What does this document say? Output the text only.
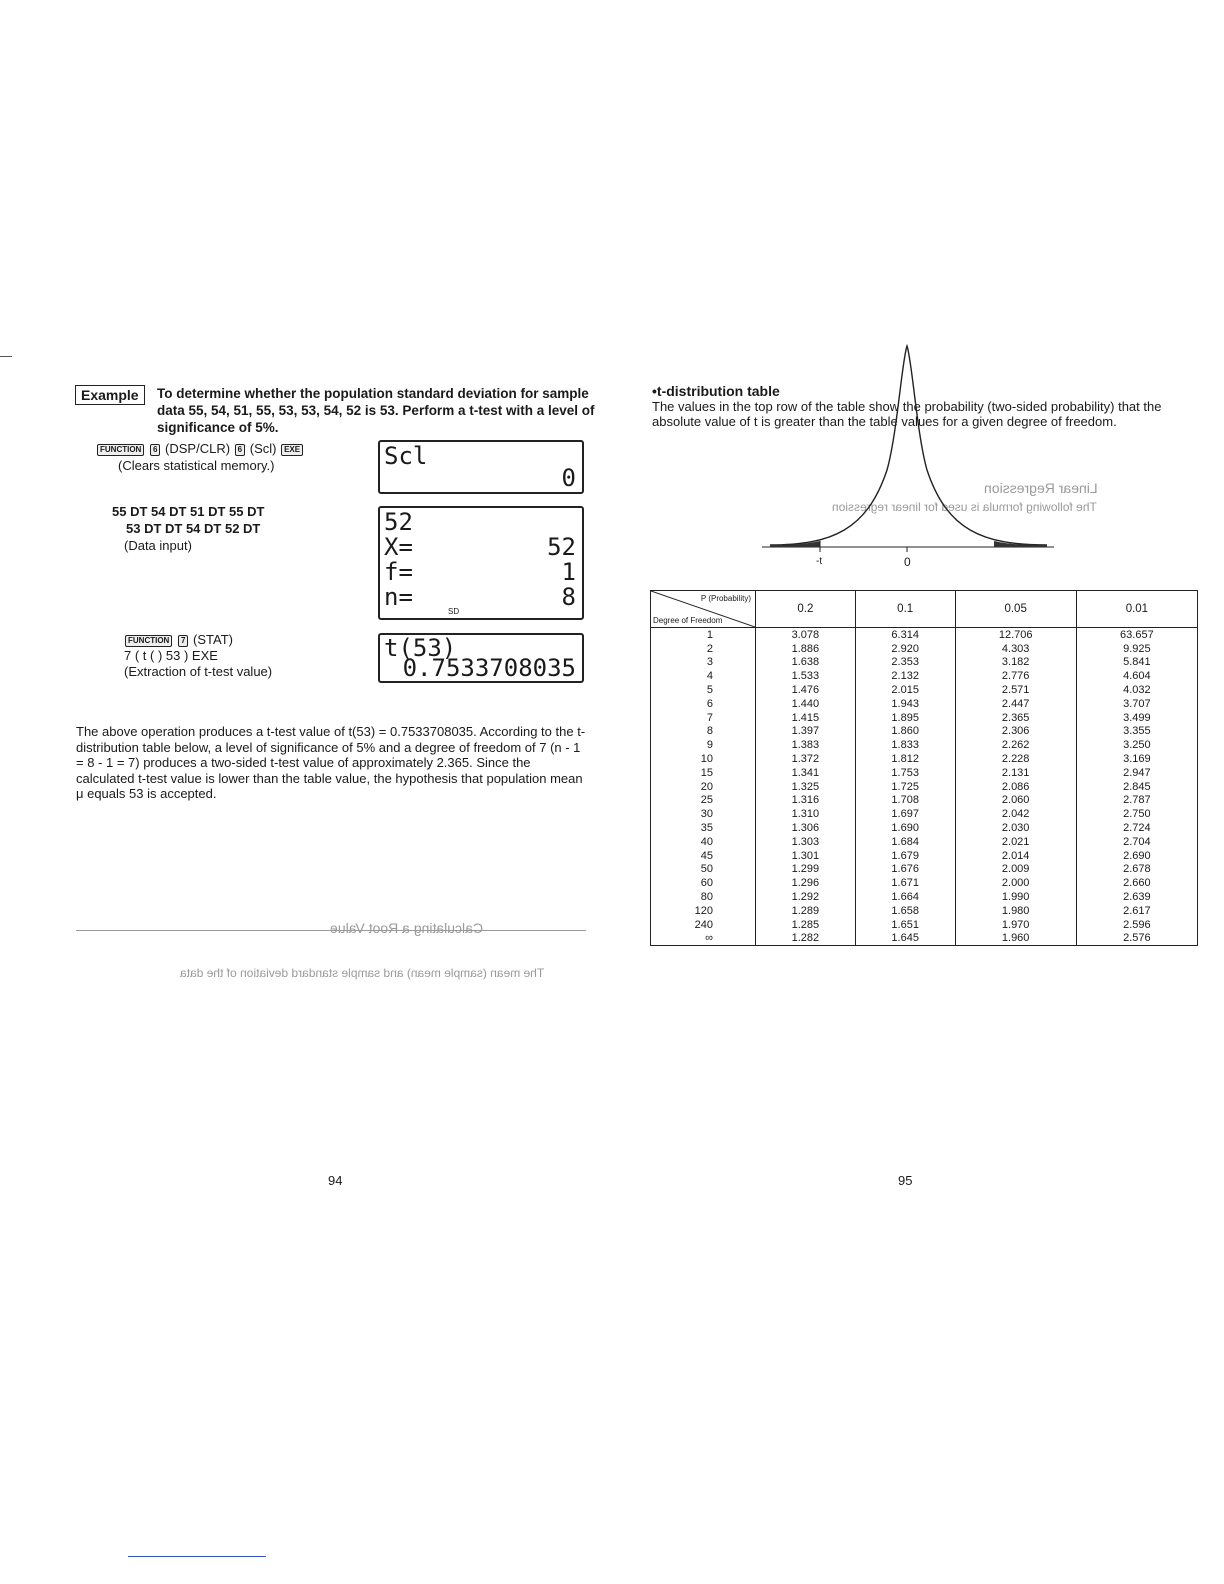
Example	To determine whether the population standard deviation for sample data 55, 54, 51, 55, 53, 53, 54, 52 is 53. Perform a t-test with a level of significance of 5%.
FUNCTION 6 (DSP/CLR) 6 (Scl) EXE
(Clears statistical memory.)	Scl
0
55 DT 54 DT 51 DT 55 DT
53 DT DT 54 DT 52 DT
(Data input)
52
X=	52
f=	1
n=	8
SD
FUNCTION 7 (STAT)
7 ( t ( ) 53 ) EXE
(Extraction of t-test value)
t(53)
0.7533708035
The above operation produces a t-test value of t(53) = 0.7533708035. According to the t-distribution table below, a level of significance of 5% and a degree of freedom of 7 (n - 1 = 8 - 1 = 7) produces a two-sided t-test value of approximately 2.365. Since the calculated t-test value is lower than the table value, the hypothesis that population mean μ equals 53 is accepted.
Calculating a Root Value
The mean (sample mean) and sample standard deviation of the data
94
•t-distribution table
The values in the top row of the table show the probability (two-sided probability) that the absolute value of t is greater than the table values for a given degree of freedom.
Linear Regression
The following formula is used for linear regression
-t	0
P (Probability)
Degree of Freedom	0.2	0.1	0.05	0.01
1	3.078	6.314	12.706	63.657
2	1.886	2.920	4.303	9.925
3	1.638	2.353	3.182	5.841
4	1.533	2.132	2.776	4.604
5	1.476	2.015	2.571	4.032
6	1.440	1.943	2.447	3.707
7	1.415	1.895	2.365	3.499
8	1.397	1.860	2.306	3.355
9	1.383	1.833	2.262	3.250
10	1.372	1.812	2.228	3.169
15	1.341	1.753	2.131	2.947
20	1.325	1.725	2.086	2.845
25	1.316	1.708	2.060	2.787
30	1.310	1.697	2.042	2.750
35	1.306	1.690	2.030	2.724
40	1.303	1.684	2.021	2.704
45	1.301	1.679	2.014	2.690
50	1.299	1.676	2.009	2.678
60	1.296	1.671	2.000	2.660
80	1.292	1.664	1.990	2.639
120	1.289	1.658	1.980	2.617
240	1.285	1.651	1.970	2.596
∞	1.282	1.645	1.960	2.576
95
